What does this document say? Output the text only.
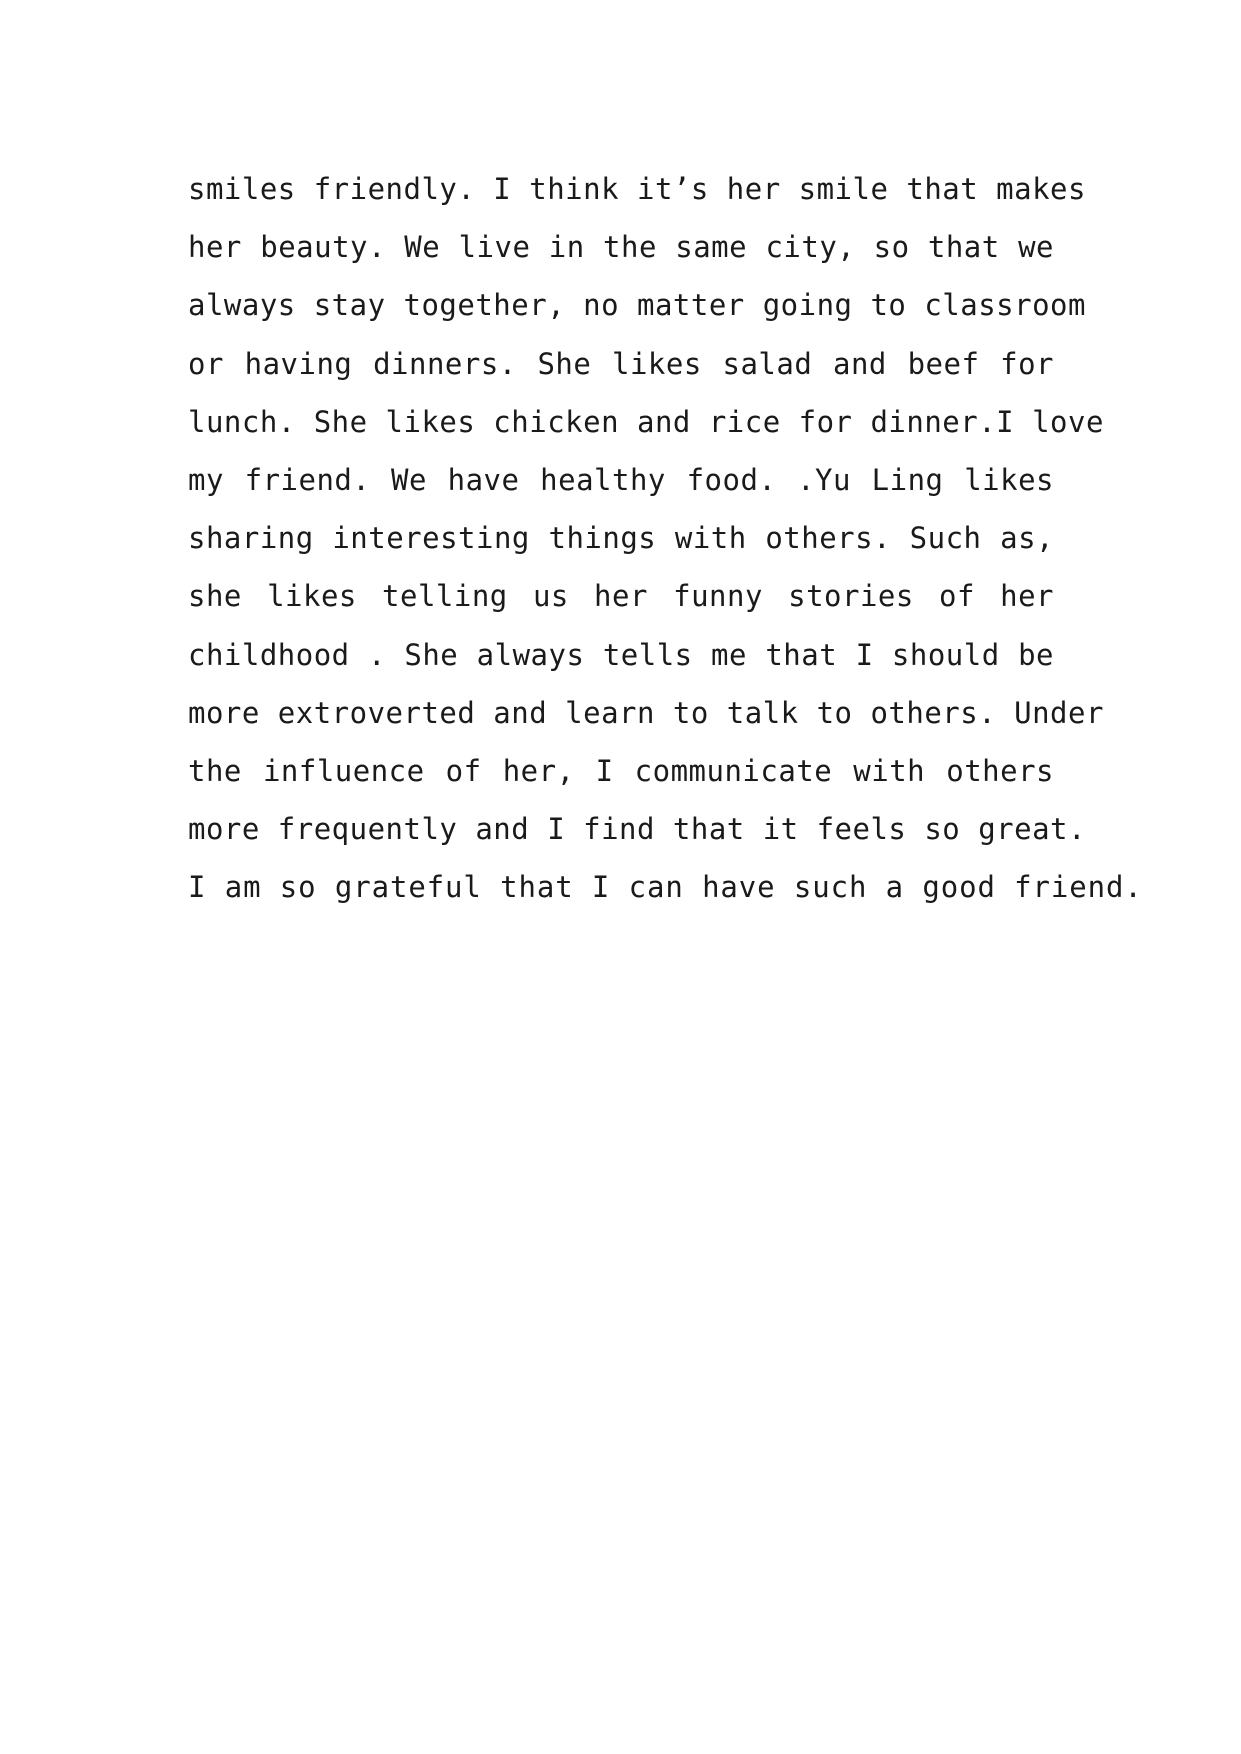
smiles friendly. I think it’s her smile that makes
her beauty. We live in the same city, so that we
always stay together, no matter going to classroom
or having dinners. She likes salad and beef for
lunch. She likes chicken and rice for dinner.I love
my friend. We have healthy food. .Yu Ling likes
sharing interesting things with others. Such as,
she likes telling us her funny stories of her
childhood . She always tells me that I should be
more extroverted and learn to talk to others. Under
the influence of her, I communicate with others
more frequently and I find that it feels so great.
I am so grateful that I can have such a good friend.
